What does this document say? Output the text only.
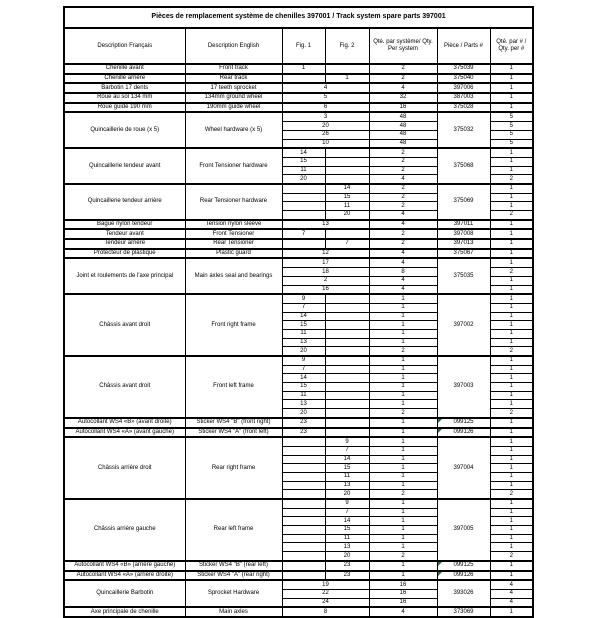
Pièces de remplacement système de chenilles 397001 / Track system spare parts 397001						
Description Français	Description English	Fig. 1	Fig. 2	Qté. par système/ Qty. Per system	Pièce / Parts #	Qté. par # / Qty. per #
Chenille avant	Front track	1		2	375039	1
Chenille arrière	Rear track		1	2	375040	1
Barbotin 17 dents	17 teeth sprocket	4		4	397006	1
Roue au sol 134 mm	134mm ground wheel	5		32	387003	1
Roue guide 190 mm	190mm guide wheel	6		16	375028	1
Quincaillerie de roue (x 5)	Wheel hardware (x 5)	3		48	375032	5
		20		48		5
		26		48		5
		10		48		5
Quincaillerie tendeur avant	Front Tensioner hardware	14		2	375068	1
		15		2		1
		11		2		1
		20		4		2
Quincaillerie tendeur arrière	Rear Tensioner hardware		14	2	375069	1
			15	2		1
			11	2		1
			20	4		2
Bague nylon tendeur	Tension nylon sleeve	13		4	397011	1
Tendeur avant	Front Tensioner	7		2	397008	1
Tendeur arrière	Rear Tensioner		7	2	397013	1
Protecteur de plastique	Plastic guard	12		4	375067	1
Joint et roulements de l'axe principal	Main axles seal and bearings	17		4	375035	1
		18		8		2
		2		4		1
		16		4		1
Châssis avant droit	Front right frame	9		1	397002	1
		7		1		1
		14		1		1
		15		1		1
		11		1		1
		13		1		1
		20		2		2
Châssis avant droit	Front left frame	9		1	397003	1
		7		1		1
		14		1		1
		15		1		1
		11		1		1
		13		1		1
		20		2		2
Autocollant WS4 «B» (avant droite)	Sticker WS4 "B" (front right)	23		1	099125	1
Autocollant WS4 «A» (avant gauche)	Sticker WS4 "A" (front left)	23		1	099126	1
Châssis arrière droit	Rear right frame		9	1	397004	1
			7	1		1
			14	1		1
			15	1		1
			11	1		1
			13	1		1
			20	2		2
Châssis arrière gauche	Rear left frame		9	1	397005	1
			7	1		1
			14	1		1
			15	1		1
			11	1		1
			13	1		1
			20	2		2
Autocollant WS4 «B» (arrière gauche)	Sticker WS4 "B" (rear left)		23	1	099125	1
Autocollant WS4 «A» (arrière droite)	Sticker WS4 "A" (rear right)		23	1	099126	1
Quincaillerie Barbotin	Sprocket Hardware	19		16	393026	4
		22		16		4
		24		16		4
Axe principale de chenille	Main axles	8		4	373069	1
